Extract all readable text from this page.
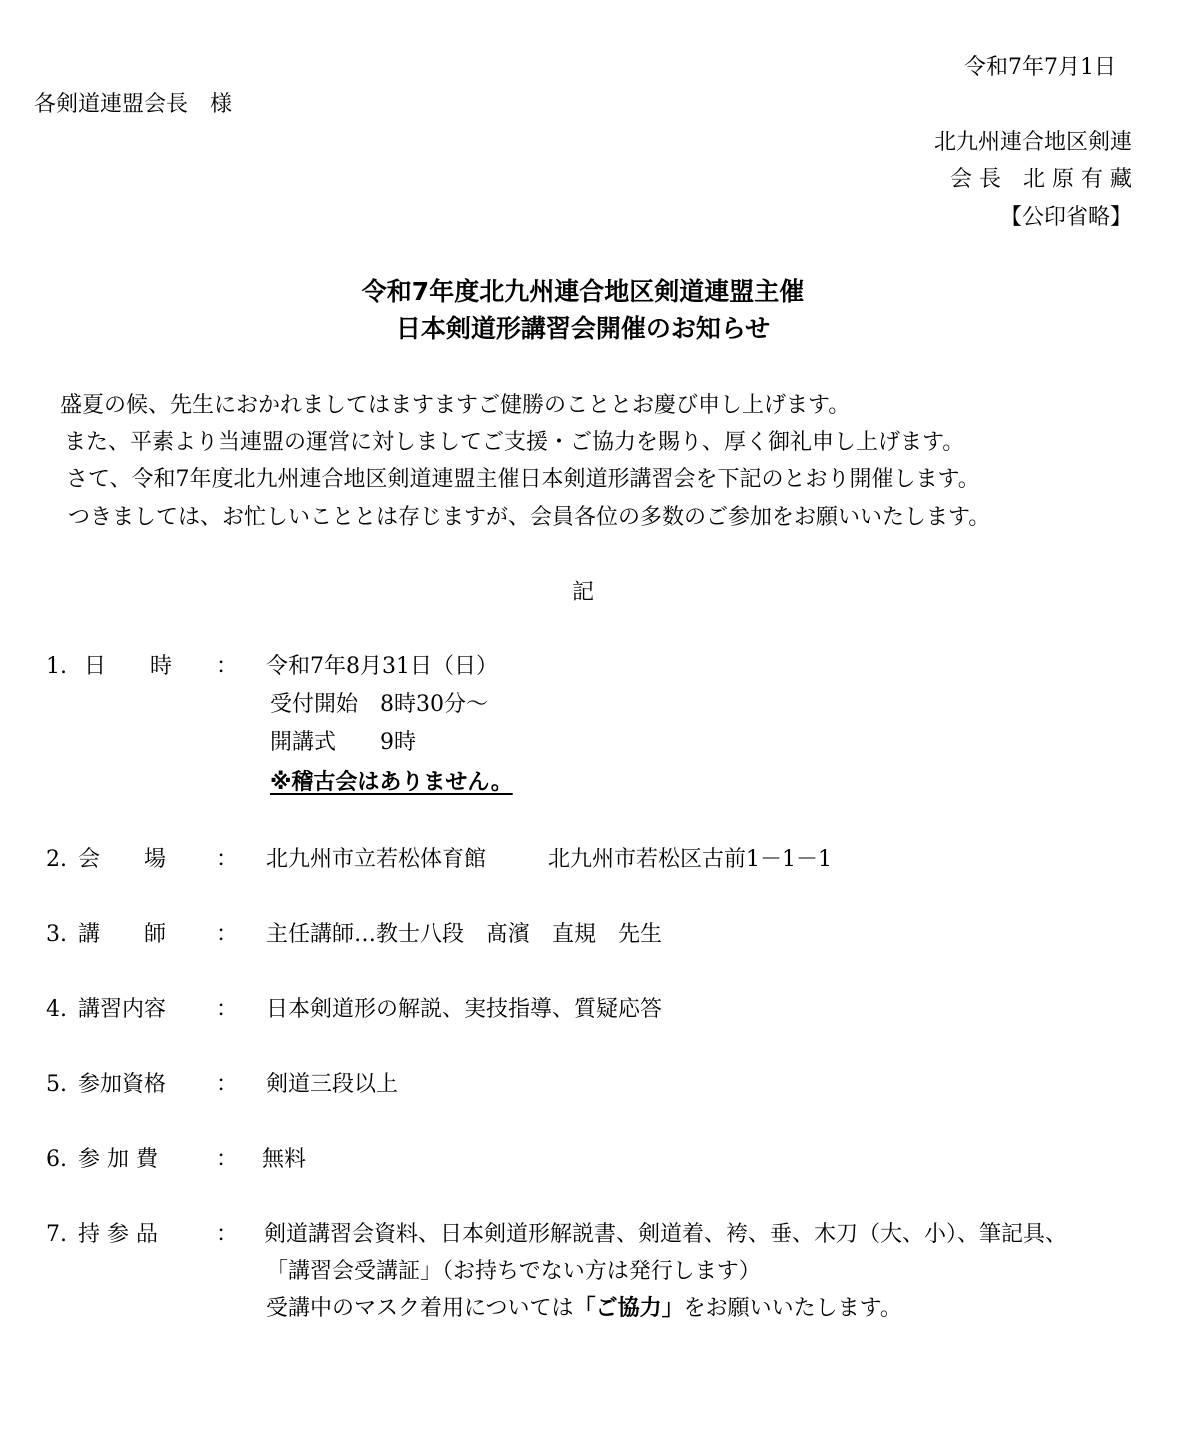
令和7年7月1日
各剣道連盟会長　様
北九州連合地区剣連
会 長　北 原 有 藏
【公印省略】
令和7年度北九州連合地区剣道連盟主催
日本剣道形講習会開催のお知らせ
盛夏の候、先生におかれましてはますますご健勝のこととお慶び申し上げます。
また、平素より当連盟の運営に対しましてご支援・ご協力を賜り、厚く御礼申し上げます。
さて、令和7年度北九州連合地区剣道連盟主催日本剣道形講習会を下記のとおり開催します。
つきましては、お忙しいこととは存じますが、会員各位の多数のご参加をお願いいたします。
記
1. 日　　時 ： 令和7年8月31日（日）
受付開始　8時30分～
開講式　　9時
※稽古会はありません。
2. 会　　場 ： 北九州市立若松体育館	北九州市若松区古前1－1－1
3. 講　　師 ： 主任講師…教士八段　髙濱　直規　先生
4. 講習内容 ： 日本剣道形の解説、実技指導、質疑応答
5. 参加資格 ： 剣道三段以上
6. 参 加 費	： 無料
7. 持 参 品	： 剣道講習会資料、日本剣道形解説書、剣道着、袴、垂、木刀（大、小）、筆記具、
「講習会受講証」（お持ちでない方は発行します）
受講中のマスク着用については「ご協力」をお願いいたします。
